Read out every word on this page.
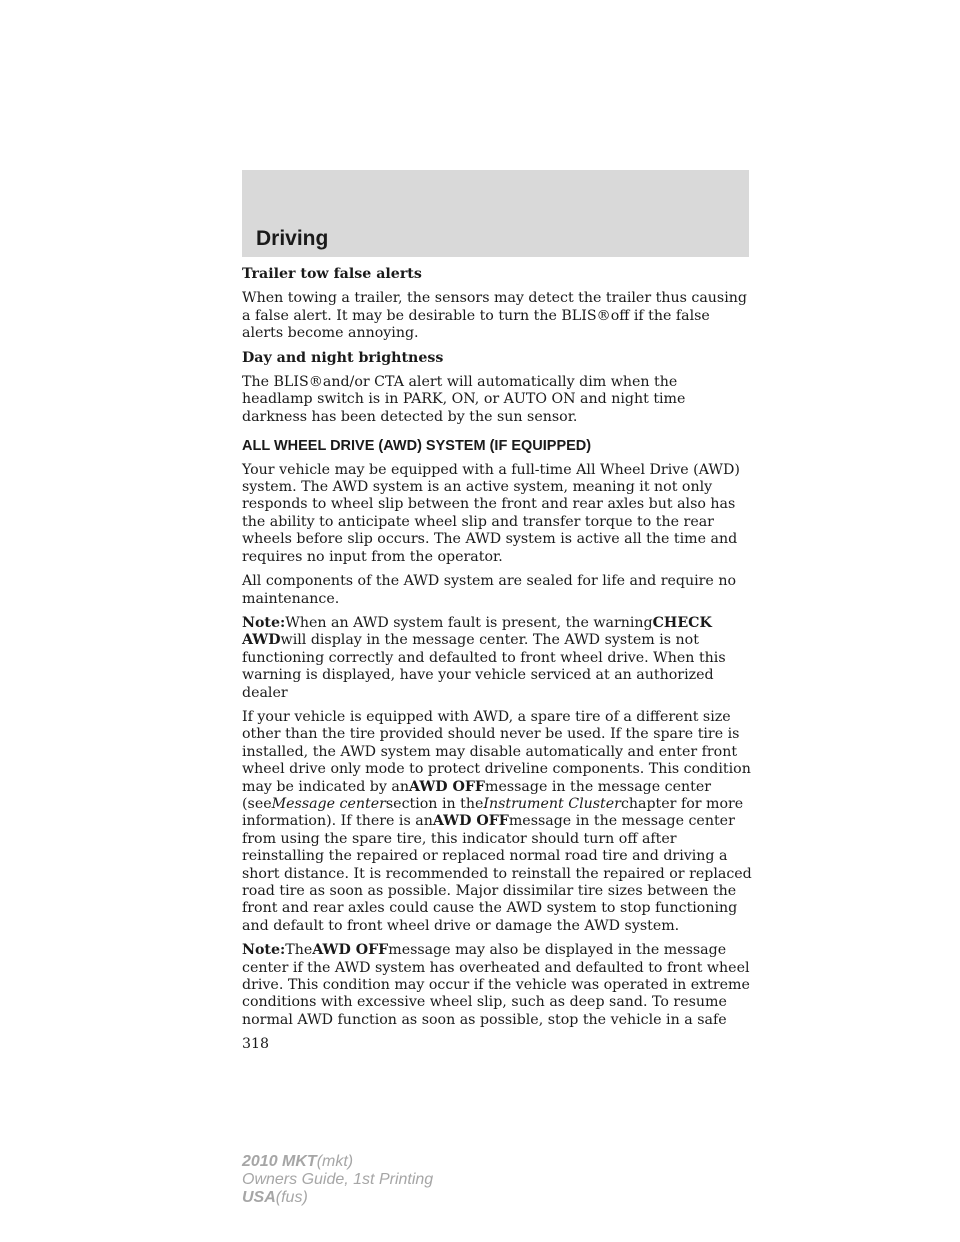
Driving

Trailer tow false alerts

When towing a trailer, the sensors may detect the trailer thus causing a false alert. It may be desirable to turn the BLIS®off if the false alerts become annoying.

Day and night brightness

The BLIS®and/or CTA alert will automatically dim when the headlamp switch is in PARK, ON, or AUTO ON and night time darkness has been detected by the sun sensor.

ALL WHEEL DRIVE (AWD) SYSTEM (IF EQUIPPED)

Your vehicle may be equipped with a full-time All Wheel Drive (AWD) system. The AWD system is an active system, meaning it not only responds to wheel slip between the front and rear axles but also has the ability to anticipate wheel slip and transfer torque to the rear wheels before slip occurs. The AWD system is active all the time and requires no input from the operator.

All components of the AWD system are sealed for life and require no maintenance.

Note:When an AWD system fault is present, the warningCHECK AWDwill display in the message center. The AWD system is not functioning correctly and defaulted to front wheel drive. When this warning is displayed, have your vehicle serviced at an authorized dealer

If your vehicle is equipped with AWD, a spare tire of a different size other than the tire provided should never be used. If the spare tire is installed, the AWD system may disable automatically and enter front wheel drive only mode to protect driveline components. This condition may be indicated by anAWD OFFmessage in the message center (seeMessage centersection in theInstrument Clusterchapter for more information). If there is anAWD OFFmessage in the message center from using the spare tire, this indicator should turn off after reinstalling the repaired or replaced normal road tire and driving a short distance. It is recommended to reinstall the repaired or replaced road tire as soon as possible. Major dissimilar tire sizes between the front and rear axles could cause the AWD system to stop functioning and default to front wheel drive or damage the AWD system.

Note:TheAWD OFFmessage may also be displayed in the message center if the AWD system has overheated and defaulted to front wheel drive. This condition may occur if the vehicle was operated in extreme conditions with excessive wheel slip, such as deep sand. To resume normal AWD function as soon as possible, stop the vehicle in a safe

318

2010 MKT(mkt)
Owners Guide, 1st Printing
USA(fus)
